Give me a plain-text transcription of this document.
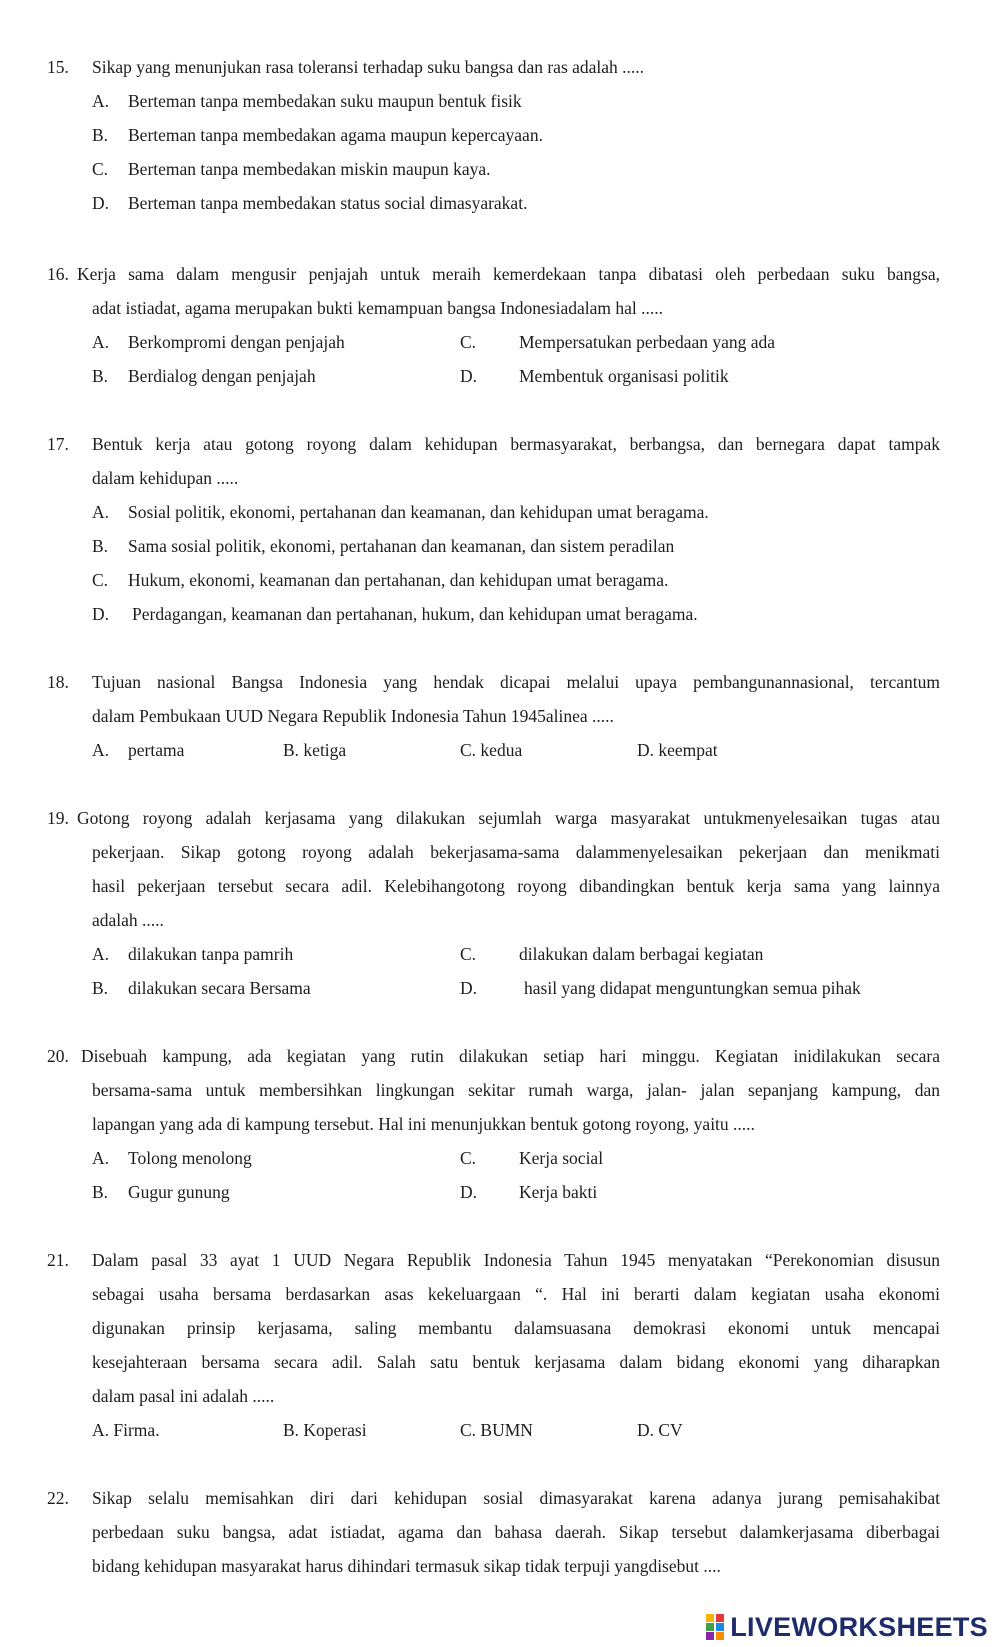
15. Sikap yang menunjukan rasa toleransi terhadap suku bangsa dan ras adalah .....
A. Berteman tanpa membedakan suku maupun bentuk fisik
B. Berteman tanpa membedakan agama maupun kepercayaan.
C. Berteman tanpa membedakan miskin maupun kaya.
D. Berteman tanpa membedakan status social dimasyarakat.
16. Kerja sama dalam mengusir penjajah untuk meraih kemerdekaan tanpa dibatasi oleh perbedaan suku bangsa,
adat istiadat, agama merupakan bukti kemampuan bangsa Indonesiadalam hal .....
A. Berkompromi dengan penjajah	C. Mempersatukan perbedaan yang ada
B. Berdialog dengan penjajah	D. Membentuk organisasi politik
17. Bentuk kerja atau gotong royong dalam kehidupan bermasyarakat, berbangsa, dan bernegara dapat tampak
dalam kehidupan .....
A. Sosial politik, ekonomi, pertahanan dan keamanan, dan kehidupan umat beragama.
B. Sama sosial politik, ekonomi, pertahanan dan keamanan, dan sistem peradilan
C. Hukum, ekonomi, keamanan dan pertahanan, dan kehidupan umat beragama.
D. Perdagangan, keamanan dan pertahanan, hukum, dan kehidupan umat beragama.
18. Tujuan nasional Bangsa Indonesia yang hendak dicapai melalui upaya pembangunannasional, tercantum
dalam Pembukaan UUD Negara Republik Indonesia Tahun 1945alinea .....
A. pertama	B. ketiga	C. kedua	D. keempat
19. Gotong royong adalah kerjasama yang dilakukan sejumlah warga masyarakat untukmenyelesaikan tugas atau
pekerjaan. Sikap gotong royong adalah bekerjasama-sama dalammenyelesaikan pekerjaan dan menikmati
hasil pekerjaan tersebut secara adil. Kelebihangotong royong dibandingkan bentuk kerja sama yang lainnya
adalah .....
A. dilakukan tanpa pamrih	C. dilakukan dalam berbagai kegiatan
B. dilakukan secara Bersama	D.	hasil yang didapat menguntungkan semua pihak
20. Disebuah kampung, ada kegiatan yang rutin dilakukan setiap hari minggu. Kegiatan inidilakukan secara
bersama-sama untuk membersihkan lingkungan sekitar rumah warga, jalan- jalan sepanjang kampung, dan
lapangan yang ada di kampung tersebut. Hal ini menunjukkan bentuk gotong royong, yaitu .....
A. Tolong menolong	C. Kerja social
B. Gugur gunung	D. Kerja bakti
21. Dalam pasal 33 ayat 1 UUD Negara Republik Indonesia Tahun 1945 menyatakan “Perekonomian disusun
sebagai usaha bersama berdasarkan asas kekeluargaan “. Hal ini berarti dalam kegiatan usaha ekonomi
digunakan prinsip kerjasama, saling membantu dalamsuasana demokrasi ekonomi untuk mencapai
kesejahteraan bersama secara adil. Salah satu bentuk kerjasama dalam bidang ekonomi yang diharapkan
dalam pasal ini adalah .....
A. Firma.	B. Koperasi	C. BUMN	D. CV
22. Sikap selalu memisahkan diri dari kehidupan sosial dimasyarakat karena adanya jurang pemisahakibat
perbedaan suku bangsa, adat istiadat, agama dan bahasa daerah. Sikap tersebut dalamkerjasama diberbagai
bidang kehidupan masyarakat harus dihindari termasuk sikap tidak terpuji yangdisebut ....
LIVEWORKSHEETS
